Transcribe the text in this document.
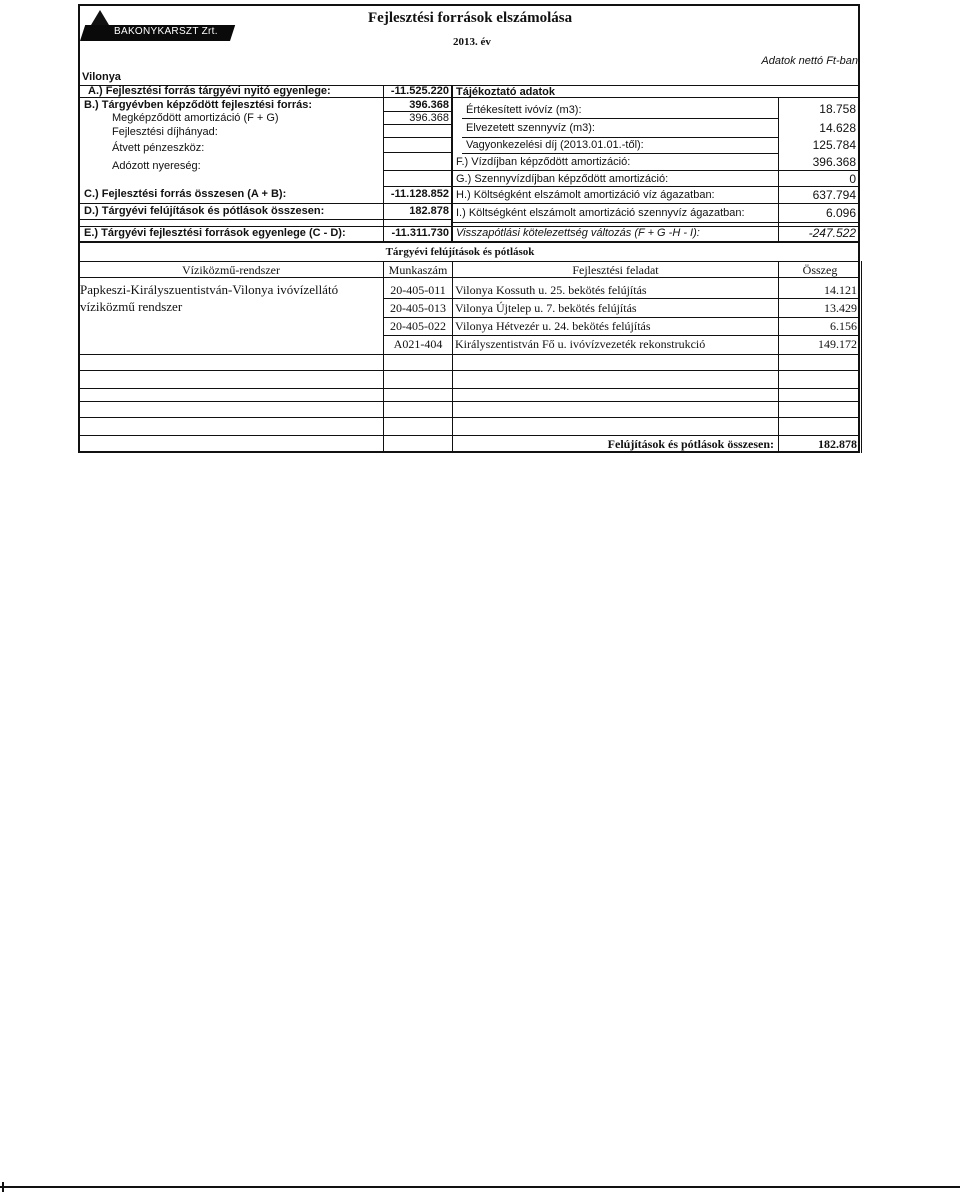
BAKONYKARSZT Zrt.
Fejlesztési források elszámolása
2013. év
Adatok nettó Ft-ban
Vilonya
A.) Fejlesztési forrás tárgyévi nyitó egyenlege:	-11.525.220
B.) Tárgyévben képződött fejlesztési forrás:	396.368
Megképződött amortizáció (F + G)	396.368
Fejlesztési díjhányad:
Átvett pénzeszköz:
Adózott nyereség:
C.) Fejlesztési forrás összesen (A + B):	-11.128.852
D.) Tárgyévi felújítások és pótlások összesen:	182.878
E.) Tárgyévi fejlesztési források egyenlege (C - D):	-11.311.730
Tájékoztató adatok
Értékesített ivóvíz (m3):	18.758
Elvezetett szennyvíz (m3):	14.628
Vagyonkezelési díj (2013.01.01.-től):	125.784
F.) Vízdíjban képződött amortizáció:	396.368
G.) Szennyvízdíjban képződött amortizáció:	0
H.) Költségként elszámolt amortizáció víz ágazatban:	637.794
I.) Költségként elszámolt amortizáció szennyvíz ágazatban:	6.096
Visszapótlási kötelezettség változás (F + G -H - I):	-247.522
Tárgyévi felújítások és pótlások
Víziközmű-rendszer	Munkaszám	Fejlesztési feladat	Összeg
Papkeszi-Királyszuentistván-Vilonya ivóvízellátó
víziközmű rendszer
20-405-011 Vilonya Kossuth u. 25. bekötés felújítás	14.121
20-405-013 Vilonya Újtelep u. 7. bekötés felújítás	13.429
20-405-022 Vilonya Hétvezér u. 24. bekötés felújítás	6.156
A021-404	Királyszentistván Fő u. ivóvízvezeték rekonstrukció	149.172
Felújítások és pótlások összesen:	182.878
